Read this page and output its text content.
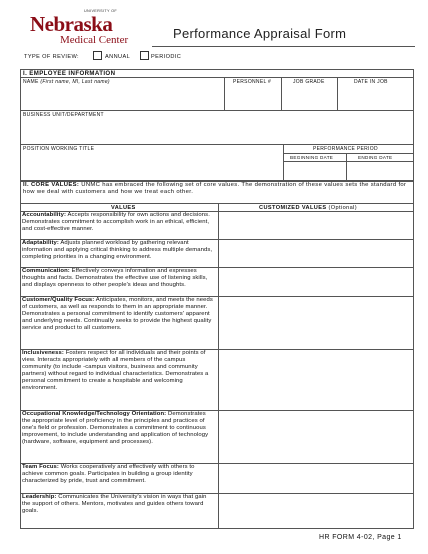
UNIVERSITY OF
Nebraska
Medical Center	Performance Appraisal Form
TYPE OF REVIEW:	ANNUAL	PERIODIC
I. EMPLOYEE INFORMATION
NAME (First name, MI, Last name)	PERSONNEL #	JOB GRADE	DATE IN JOB
BUSINESS UNIT/DEPARTMENT
POSITION WORKING TITLE	PERFORMANCE PERIOD
BEGINNING DATE	ENDING DATE
II. CORE VALUES: UNMC has embraced the following set of core values. The demonstration of these values sets the standard for how we deal with customers and how we treat each other.
VALUES	CUSTOMIZED VALUES (Optional)
Accountability: Accepts responsibility for own actions and decisions. Demonstrates commitment to accomplish work in an ethical, efficient, and cost-effective manner.
Adaptability: Adjusts planned workload by gathering relevant information and applying critical thinking to address multiple demands, completing priorities in a changing environment.
Communication: Effectively conveys information and expresses thoughts and facts. Demonstrates the effective use of listening skills, and displays openness to other people's ideas and thoughts.
Customer/Quality Focus: Anticipates, monitors, and meets the needs of customers, as well as responds to them in an appropriate manner. Demonstrates a personal commitment to identify customers' apparent and underlying needs. Continually seeks to provide the highest quality service and product to all customers.
Inclusiveness: Fosters respect for all individuals and their points of view. Interacts appropriately with all members of the campus community (to include -campus visitors, business and community partners) without regard to individual characteristics. Demonstrates a personal commitment to create a hospitable and welcoming environment.
Occupational Knowledge/Technology Orientation: Demonstrates the appropriate level of proficiency in the principles and practices of one's field or profession. Demonstrates a commitment to continuous improvement, to include understanding and application of technology (hardware, software, equipment and processes).
Team Focus: Works cooperatively and effectively with others to achieve common goals. Participates in building a group identity characterized by pride, trust and commitment.
Leadership: Communicates the University's vision in ways that gain the support of others. Mentors, motivates and guides others toward goals.
HR FORM 4-02, Page 1
